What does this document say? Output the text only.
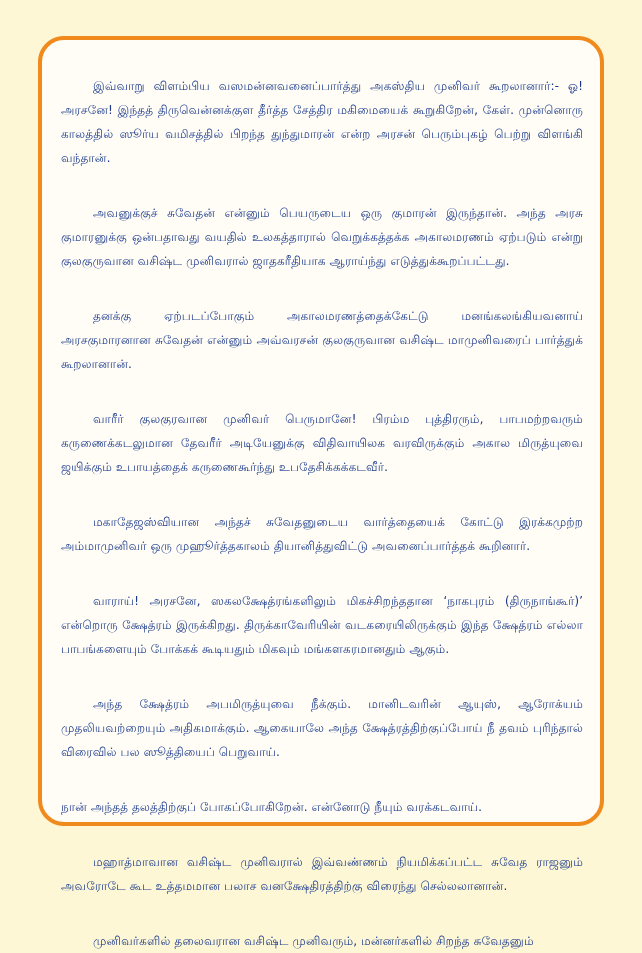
இவ்வாறு விளம்பிய வஸமன்னவனைப்பார்த்து அகஸ்திய முனிவர் கூறலானார்:- ஓ! அரசனே! இந்தத் திருவென்னக்குள தீர்த்த சேத்திர மகிமையைக் கூறுகிறேன், கேள். முன்னொரு காலத்தில் ஸூர்ய வமிசத்தில் பிறந்த துந்துமாரன் என்ற அரசன் பெரும்புகழ் பெற்று விளங்கி வந்தான்.

அவனுக்குச் சுவேதன் என்னும் பெயருடைய ஒரு குமாரன் இருந்தான். அந்த அரசு குமாரனுக்கு ஒன்பதாவது வயதில் உலகத்தாரால் வெறுக்கத்தக்க அகாலமரணம் ஏற்படும் என்று குலகுருவான வசிஷ்ட முனிவரால் ஜாதகரீதியாக ஆராய்ந்து எடுத்துக்கூறப்பட்டது.

தனக்கு ஏற்படப்போகும் அகாலமரணத்தைக்கேட்டு மனங்கலங்கியவனாய் அரசகுமாரனான சுவேதன் என்னும் அவ்வரசன் குலகுருவான வசிஷ்ட மாமுனிவரைப் பார்த்துக் கூறலானான்.

வாரீர் குலகுரவான முனிவர் பெருமானே! பிரம்ம புத்திரரும், பாபமற்றவரும் கருணைக்கடலுமான தேவரீர் அடியேனுக்கு விதிவாயிலக வரவிருக்கும் அகால மிருத்யுவை ஜயிக்கும் உபாயத்தைக் கருணைகூர்ந்து உபதேசிக்கக்கடவீர்.

மகாதேஜஸ்வியான அந்தச் சுவேதனுடைய வார்த்தையைக் கோட்டு இரக்கமுற்ற அம்மாமுனிவர் ஒரு முஹூர்த்தகாலம் தியானித்துவிட்டு அவனைப்பார்த்தக் கூறினார்.

வாராய்! அரசனே, ஸகலக்ஷேத்ரங்களிலும் மிகச்சிறந்ததான ‘நாகபுரம் (திருநாங்கூர்)’ என்றொரு க்ஷேத்ரம் இருக்கிறது. திருக்காவேரியின் வடகரையிலிருக்கும் இந்த க்ஷேத்ரம் எல்லா பாபங்களையும் போக்கக் கூடியதும் மிகவும் மங்களகரமானதும் ஆகும்.

அந்த க்ஷேத்ரம் அபமிருத்யுவை நீக்கும். மானிடவரின் ஆயுஸ், ஆரோக்யம் முதலியவற்றையும் அதிகமாக்கும். ஆகையாலே அந்த க்ஷேத்ரத்திற்குப்போய் நீ தவம் புரிந்தால் விரைவில் பல ஸூத்தியைப் பெறுவாய்.

நான் அந்தத் தலத்திற்குப் போகப்போகிறேன். என்னோடு நீயும் வரக்கடவாய்.

மஹாத்மாவான வசிஷ்ட முனிவரால் இவ்வண்ணம் நியமிக்கப்பட்ட சுவேத ராஜனும் அவரோடே கூட உத்தமமான பலாச வனக்ஷேதிரத்திற்கு விரைந்து செல்லலானான்.

முனிவர்களில் தலைவரான வசிஷ்ட முனிவரும், மன்னர்களில் சிறந்த சுவேதனும்
